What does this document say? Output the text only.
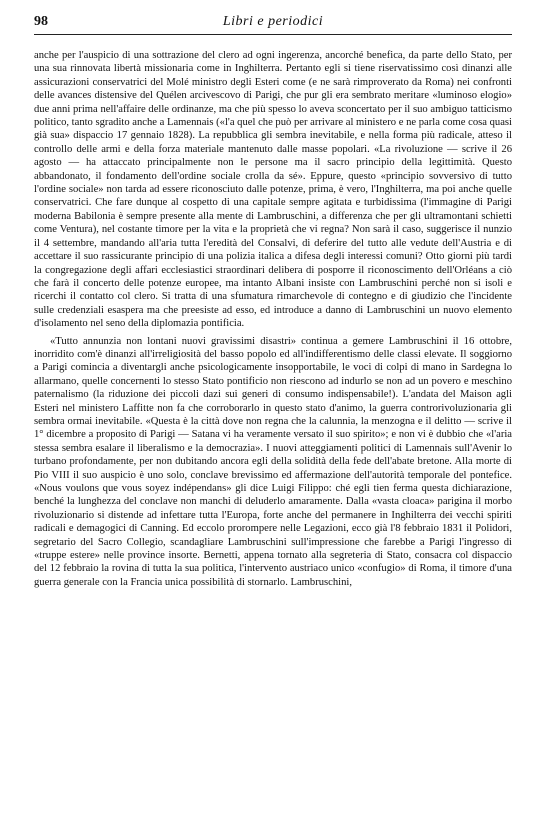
98	Libri e periodici

anche per l'auspicio di una sottrazione del clero ad ogni ingerenza, ancorché benefica, da parte dello Stato, per una sua rinnovata libertà missionaria come in Inghilterra. Pertanto egli si tiene riservatissimo così dinanzi alle assicurazioni conservatrici del Molé ministro degli Esteri come (e ne sarà rimproverato da Roma) nei confronti delle avances distensive del Quélen arcivescovo di Parigi, che pur gli era sembrato meritare «luminoso elogio» due anni prima nell'affaire delle ordinanze, ma che più spesso lo aveva sconcertato per il suo ambiguo tatticismo politico, tanto sgradito anche a Lamennais («l'a quel che può per arrivare al ministero e ne parla come cosa quasi già sua» dispaccio 17 gennaio 1828). La repubblica gli sembra inevitabile, e nella forma più radicale, atteso il controllo delle armi e della forza materiale mantenuto dalle masse popolari. «La rivoluzione — scrive il 26 agosto — ha attaccato principalmente non le persone ma il sacro principio della legittimità. Questo abbandonato, il fondamento dell'ordine sociale crolla da sé». Eppure, questo «principio sovversivo di tutto l'ordine sociale» non tarda ad essere riconosciuto dalle potenze, prima, è vero, l'Inghilterra, ma poi anche quelle conservatrici. Che fare dunque al cospetto di una capitale sempre agitata e turbidissima (l'immagine di Parigi moderna Babilonia è sempre presente alla mente di Lambruschini, a differenza che per gli ultramontani schietti come Ventura), nel costante timore per la vita e la proprietà che vi regna? Non sarà il caso, suggerisce il nunzio il 4 settembre, mandando all'aria tutta l'eredità del Consalvi, di deferire del tutto alle vedute dell'Austria e di accettare il suo rassicurante principio di una polizia italica a difesa degli interessi comuni? Otto giorni più tardi la congregazione degli affari ecclesiastici straordinari delibera di posporre il riconoscimento dell'Orléans a ciò che farà il concerto delle potenze europee, ma intanto Albani insiste con Lambruschini perché non si isoli e ricerchi il contatto col clero. Si tratta di una sfumatura rimarchevole di contegno e di giudizio che l'incidente sulle credenziali esaspera ma che preesiste ad esso, ed introduce a danno di Lambruschini un nuovo elemento d'isolamento nel seno della diplomazia pontificia.

«Tutto annunzia non lontani nuovi gravissimi disastri» continua a gemere Lambruschini il 16 ottobre, inorridito com'è dinanzi all'irreligiosità del basso popolo ed all'indifferentismo delle classi elevate. Il soggiorno a Parigi comincia a diventargli anche psicologicamente insopportabile, le voci di colpi di mano in Sardegna lo allarmano, quelle concernenti lo stesso Stato pontificio non riescono ad indurlo se non ad un povero e meschino paternalismo (la riduzione dei piccoli dazi sui generi di consumo indispensabile!). L'andata del Maison agli Esteri nel ministero Laffitte non fa che corroborarlo in questo stato d'animo, la guerra controrivoluzionaria gli sembra ormai inevitabile. «Questa è la città dove non regna che la calunnia, la menzogna e il delitto — scrive il 1° dicembre a proposito di Parigi — Satana vi ha veramente versato il suo spirito»; e non vi è dubbio che «l'aria stessa sembra esalare il liberalismo e la democrazia». I nuovi atteggiamenti politici di Lamennais sull'Avenir lo turbano profondamente, per non dubitando ancora egli della solidità della fede dell'abate bretone. Alla morte di Pio VIII il suo auspicio è uno solo, conclave brevissimo ed affermazione dell'autorità temporale del pontefice. «Nous voulons que vous soyez indépendans» gli dice Luigi Filippo: ché egli tien ferma questa dichiarazione, benché la lunghezza del conclave non manchi di deluderlo amaramente. Dalla «vasta cloaca» parigina il morbo rivoluzionario si distende ad infettare tutta l'Europa, forte anche del permanere in Inghilterra dei vecchi spiriti radicali e demagogici di Canning. Ed eccolo prorompere nelle Legazioni, ecco già l'8 febbraio 1831 il Polidori, segretario del Sacro Collegio, scandagliare Lambruschini sull'impressione che farebbe a Parigi l'ingresso di «truppe estere» nelle province insorte. Bernetti, appena tornato alla segreteria di Stato, consacra col dispaccio del 12 febbraio la rovina di tutta la sua politica, l'intervento austriaco unico «confugio» di Roma, il timore d'una guerra generale con la Francia unica possibilità di stornarlo. Lambruschini,
